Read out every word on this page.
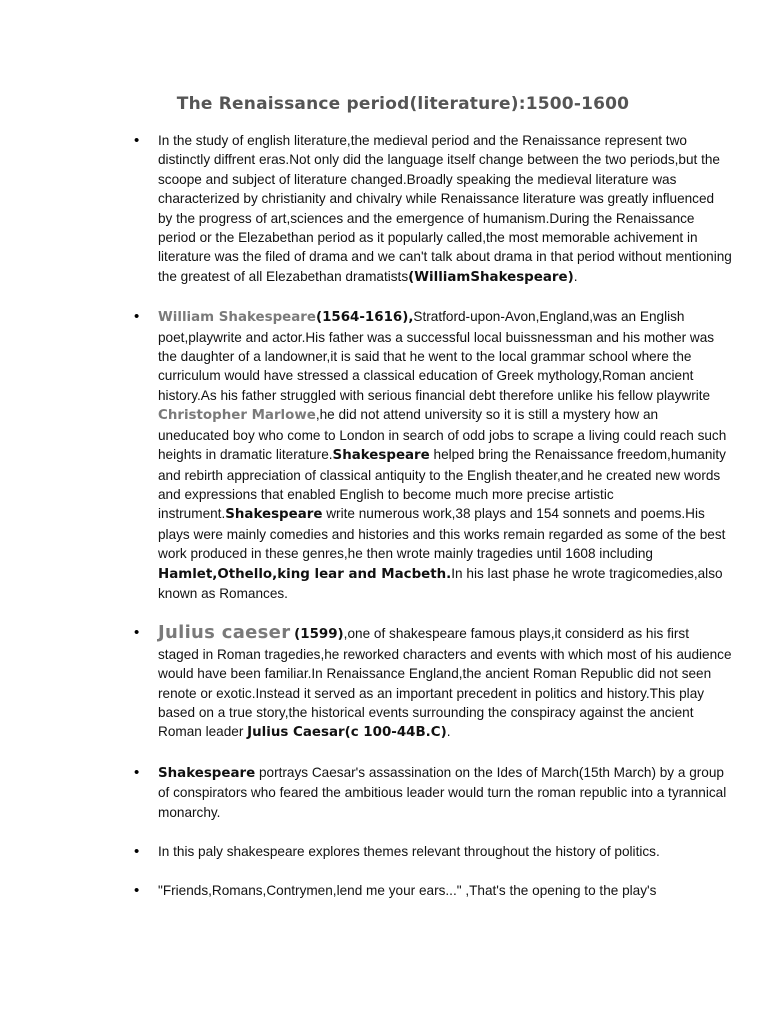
The Renaissance period(literature):1500-1600
• In the study of english literature,the medieval period and the Renaissance represent two distinctly diffrent eras.Not only did the language itself change between the two periods,but the scoope and subject of literature changed.Broadly speaking the medieval literature was characterized by christianity and chivalry while Renaissance literature was greatly influenced by the progress of art,sciences and the emergence of humanism.During the Renaissance period or the Elezabethan period as it popularly called,the most memorable achivement in literature was the filed of drama and we can't talk about drama in that period without mentioning the greatest of all Elezabethan dramatists(WilliamShakespeare).
• William Shakespeare(1564-1616),Stratford-upon-Avon,England,was an English poet,playwrite and actor.His father was a successful local buissnessman and his mother was the daughter of a landowner,it is said that he went to the local grammar school where the curriculum would have stressed a classical education of Greek mythology,Roman ancient history.As his father struggled with serious financial debt therefore unlike his fellow playwrite Christopher Marlowe,he did not attend university so it is still a mystery how an uneducated boy who come to London in search of odd jobs to scrape a living could reach such heights in dramatic literature.Shakespeare helped bring the Renaissance freedom,humanity and rebirth appreciation of classical antiquity to the English theater,and he created new words and expressions that enabled English to become much more precise artistic instrument.Shakespeare write numerous work,38 plays and 154 sonnets and poems.His plays were mainly comedies and histories and this works remain regarded as some of the best work produced in these genres,he then wrote mainly tragedies until 1608 including Hamlet,Othello,king lear and Macbeth.In his last phase he wrote tragicomedies,also known as Romances.
• Julius caeser (1599),one of shakespeare famous plays,it considerd as his first staged in Roman tragedies,he reworked characters and events with which most of his audience would have been familiar.In Renaissance England,the ancient Roman Republic did not seen renote or exotic.Instead it served as an important precedent in politics and history.This play based on a true story,the historical events surrounding the conspiracy against the ancient Roman leader Julius Caesar(c 100-44B.C).
• Shakespeare portrays Caesar's assassination on the Ides of March(15th March) by a group of conspirators who feared the ambitious leader would turn the roman republic into a tyrannical monarchy.
• In this paly shakespeare explores themes relevant throughout the history of politics.
• "Friends,Romans,Contrymen,lend me your ears..." ,That's the opening to the play's
